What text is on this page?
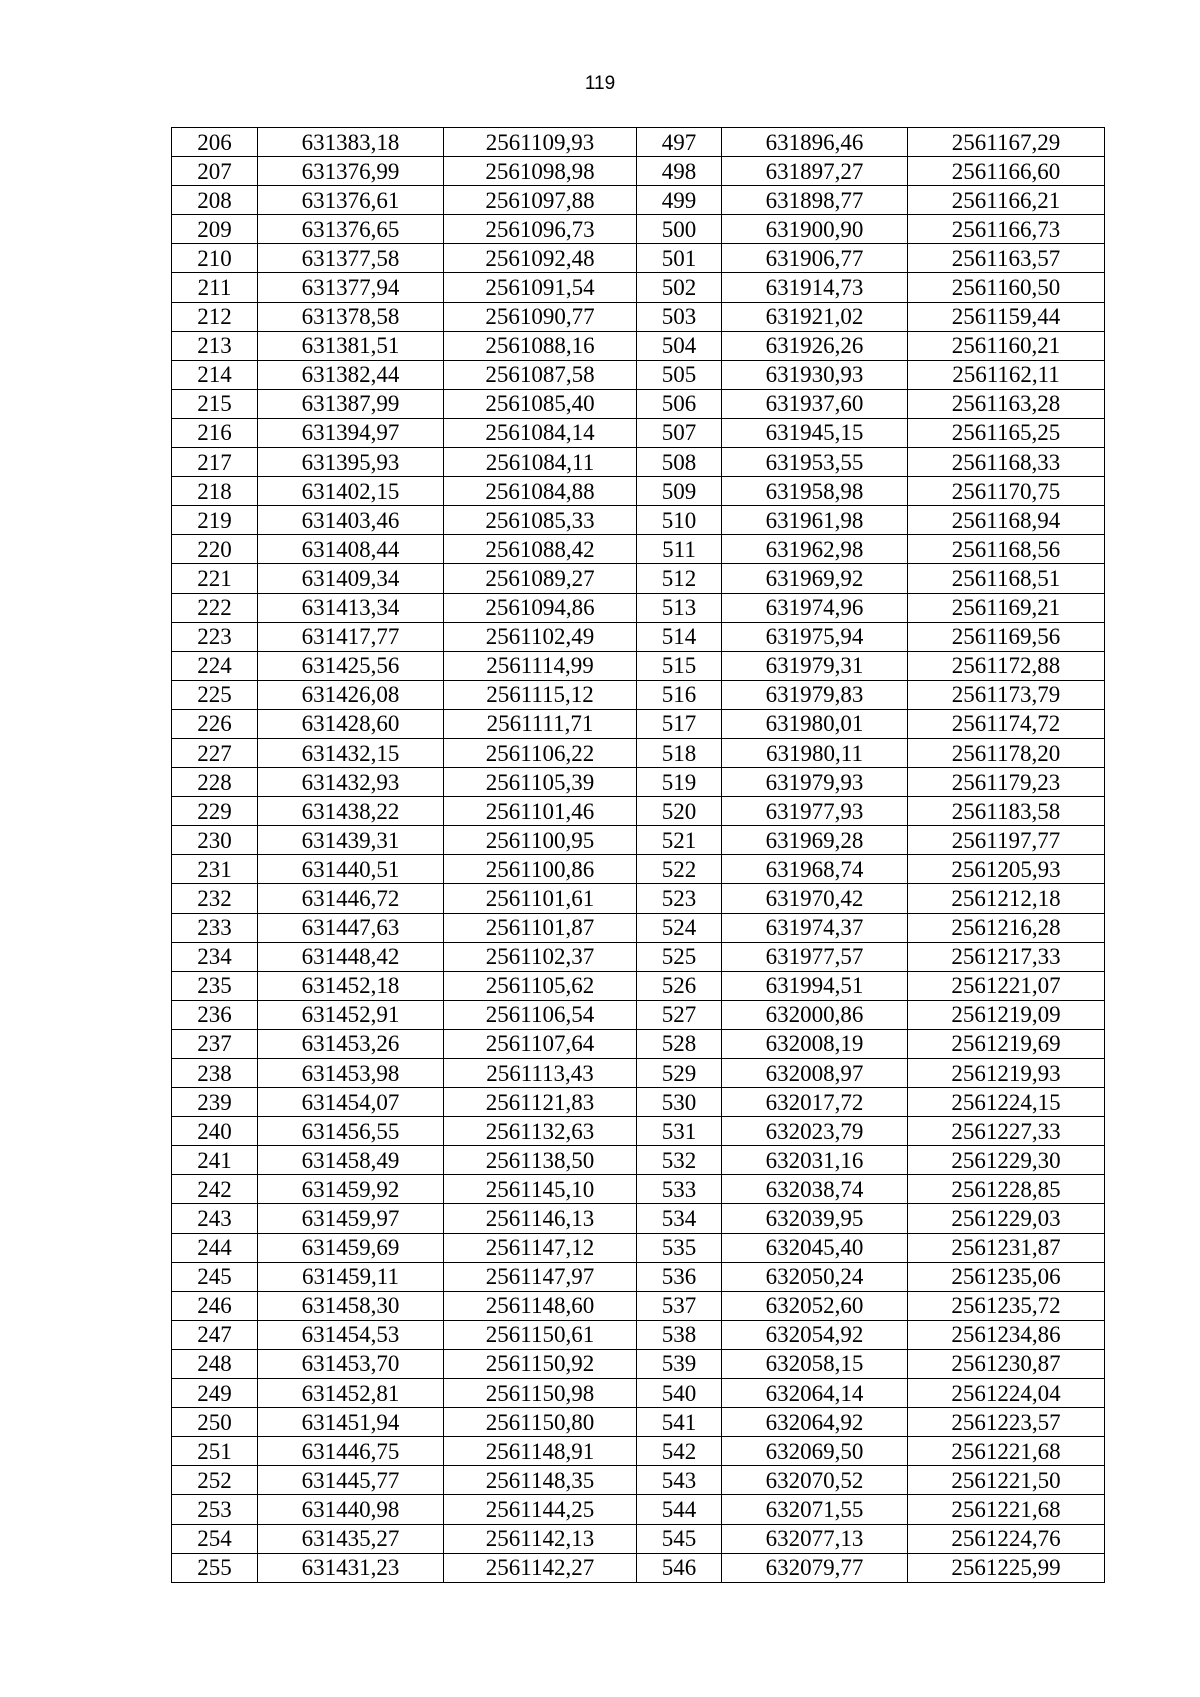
119
206	631383,18	2561109,93	497	631896,46	2561167,29
207	631376,99	2561098,98	498	631897,27	2561166,60
208	631376,61	2561097,88	499	631898,77	2561166,21
209	631376,65	2561096,73	500	631900,90	2561166,73
210	631377,58	2561092,48	501	631906,77	2561163,57
211	631377,94	2561091,54	502	631914,73	2561160,50
212	631378,58	2561090,77	503	631921,02	2561159,44
213	631381,51	2561088,16	504	631926,26	2561160,21
214	631382,44	2561087,58	505	631930,93	2561162,11
215	631387,99	2561085,40	506	631937,60	2561163,28
216	631394,97	2561084,14	507	631945,15	2561165,25
217	631395,93	2561084,11	508	631953,55	2561168,33
218	631402,15	2561084,88	509	631958,98	2561170,75
219	631403,46	2561085,33	510	631961,98	2561168,94
220	631408,44	2561088,42	511	631962,98	2561168,56
221	631409,34	2561089,27	512	631969,92	2561168,51
222	631413,34	2561094,86	513	631974,96	2561169,21
223	631417,77	2561102,49	514	631975,94	2561169,56
224	631425,56	2561114,99	515	631979,31	2561172,88
225	631426,08	2561115,12	516	631979,83	2561173,79
226	631428,60	2561111,71	517	631980,01	2561174,72
227	631432,15	2561106,22	518	631980,11	2561178,20
228	631432,93	2561105,39	519	631979,93	2561179,23
229	631438,22	2561101,46	520	631977,93	2561183,58
230	631439,31	2561100,95	521	631969,28	2561197,77
231	631440,51	2561100,86	522	631968,74	2561205,93
232	631446,72	2561101,61	523	631970,42	2561212,18
233	631447,63	2561101,87	524	631974,37	2561216,28
234	631448,42	2561102,37	525	631977,57	2561217,33
235	631452,18	2561105,62	526	631994,51	2561221,07
236	631452,91	2561106,54	527	632000,86	2561219,09
237	631453,26	2561107,64	528	632008,19	2561219,69
238	631453,98	2561113,43	529	632008,97	2561219,93
239	631454,07	2561121,83	530	632017,72	2561224,15
240	631456,55	2561132,63	531	632023,79	2561227,33
241	631458,49	2561138,50	532	632031,16	2561229,30
242	631459,92	2561145,10	533	632038,74	2561228,85
243	631459,97	2561146,13	534	632039,95	2561229,03
244	631459,69	2561147,12	535	632045,40	2561231,87
245	631459,11	2561147,97	536	632050,24	2561235,06
246	631458,30	2561148,60	537	632052,60	2561235,72
247	631454,53	2561150,61	538	632054,92	2561234,86
248	631453,70	2561150,92	539	632058,15	2561230,87
249	631452,81	2561150,98	540	632064,14	2561224,04
250	631451,94	2561150,80	541	632064,92	2561223,57
251	631446,75	2561148,91	542	632069,50	2561221,68
252	631445,77	2561148,35	543	632070,52	2561221,50
253	631440,98	2561144,25	544	632071,55	2561221,68
254	631435,27	2561142,13	545	632077,13	2561224,76
255	631431,23	2561142,27	546	632079,77	2561225,99
